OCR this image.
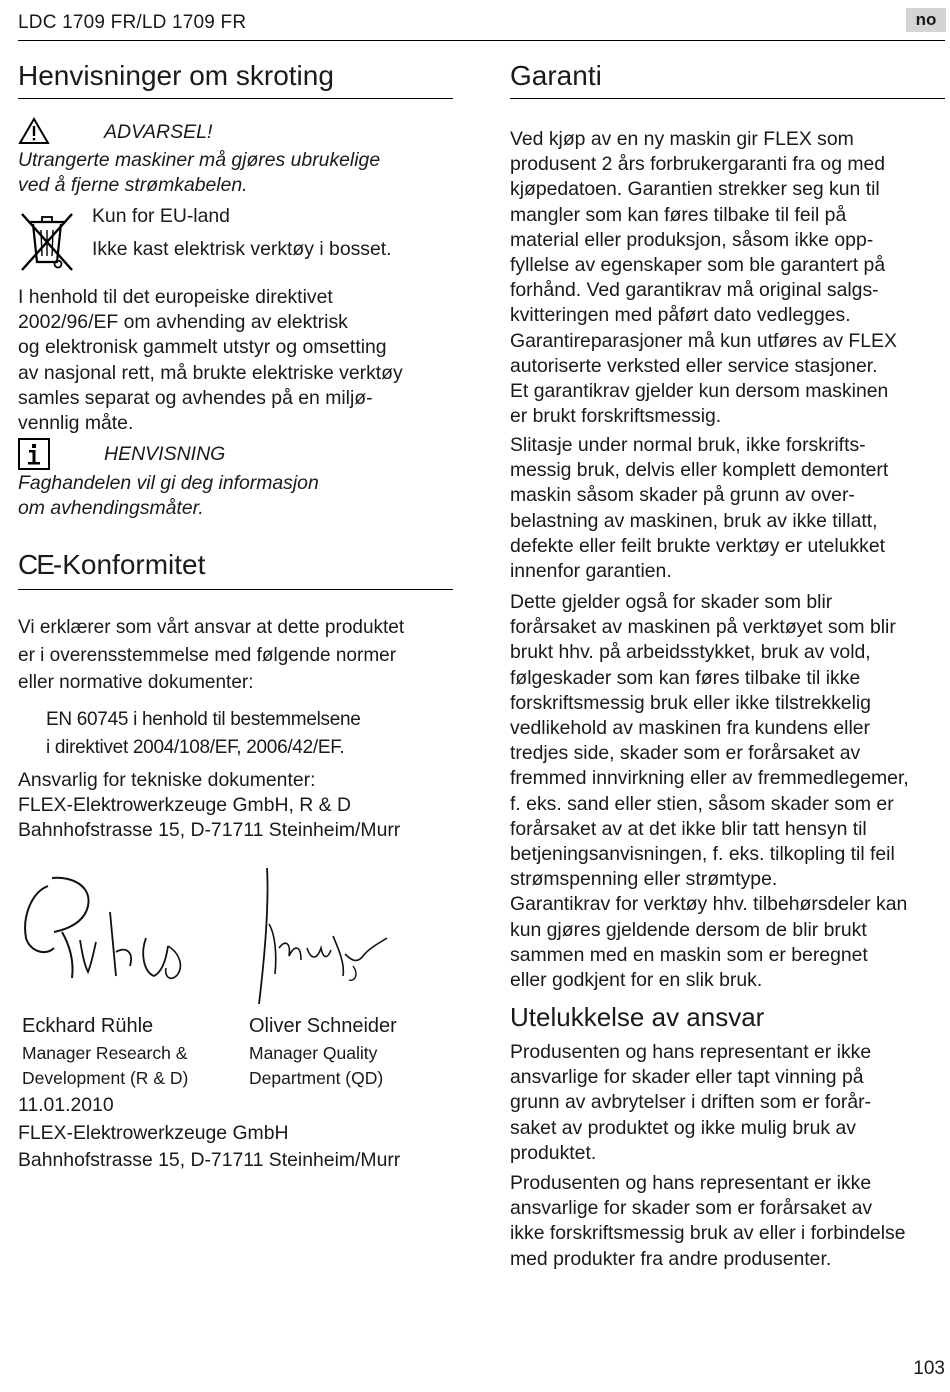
LDC 1709 FR/LD 1709 FR	no
Henvisninger om skroting
ADVARSEL!
Utrangerte maskiner må gjøres ubrukelige
ved å fjerne strømkabelen.
Kun for EU-land
Ikke kast elektrisk verktøy i bosset.
I henhold til det europeiske direktivet
2002/96/EF om avhending av elektrisk
og elektronisk gammelt utstyr og omsetting
av nasjonal rett, må brukte elektriske verktøy
samles separat og avhendes på en miljø-
vennlig måte.
HENVISNING
Faghandelen vil gi deg informasjon
om avhendingsmåter.
CE-Konformitet
Vi erklærer som vårt ansvar at dette produktet
er i overensstemmelse med følgende normer
eller normative dokumenter:
EN 60745 i henhold til bestemmelsene
i direktivet 2004/108/EF, 2006/42/EF.
Ansvarlig for tekniske dokumenter:
FLEX-Elektrowerkzeuge GmbH, R & D
Bahnhofstrasse 15, D-71711 Steinheim/Murr
Eckhard Rühle
Manager Research &
Development (R & D)
Oliver Schneider
Manager Quality
Department (QD)
11.01.2010
FLEX-Elektrowerkzeuge GmbH
Bahnhofstrasse 15, D-71711 Steinheim/Murr
Garanti
Ved kjøp av en ny maskin gir FLEX som
produsent 2 års forbrukergaranti fra og med
kjøpedatoen. Garantien strekker seg kun til
mangler som kan føres tilbake til feil på
material eller produksjon, såsom ikke opp-
fyllelse av egenskaper som ble garantert på
forhånd. Ved garantikrav må original salgs-
kvitteringen med påført dato vedlegges.
Garantireparasjoner må kun utføres av FLEX
autoriserte verksted eller service stasjoner.
Et garantikrav gjelder kun dersom maskinen
er brukt forskriftsmessig.
Slitasje under normal bruk, ikke forskrifts-
messig bruk, delvis eller komplett demontert
maskin såsom skader på grunn av over-
belastning av maskinen, bruk av ikke tillatt,
defekte eller feilt brukte verktøy er utelukket
innenfor garantien.
Dette gjelder også for skader som blir
forårsaket av maskinen på verktøyet som blir
brukt hhv. på arbeidsstykket, bruk av vold,
følgeskader som kan føres tilbake til ikke
forskriftsmessig bruk eller ikke tilstrekkelig
vedlikehold av maskinen fra kundens eller
tredjes side, skader som er forårsaket av
fremmed innvirkning eller av fremmedlegemer,
f. eks. sand eller stien, såsom skader som er
forårsaket av at det ikke blir tatt hensyn til
betjeningsanvisningen, f. eks. tilkopling til feil
strømspenning eller strømtype.
Garantikrav for verktøy hhv. tilbehørsdeler kan
kun gjøres gjeldende dersom de blir brukt
sammen med en maskin som er beregnet
eller godkjent for en slik bruk.
Utelukkelse av ansvar
Produsenten og hans representant er ikke
ansvarlige for skader eller tapt vinning på
grunn av avbrytelser i driften som er forår-
saket av produktet og ikke mulig bruk av
produktet.
Produsenten og hans representant er ikke
ansvarlige for skader som er forårsaket av
ikke forskriftsmessig bruk av eller i forbindelse
med produkter fra andre produsenter.
103
